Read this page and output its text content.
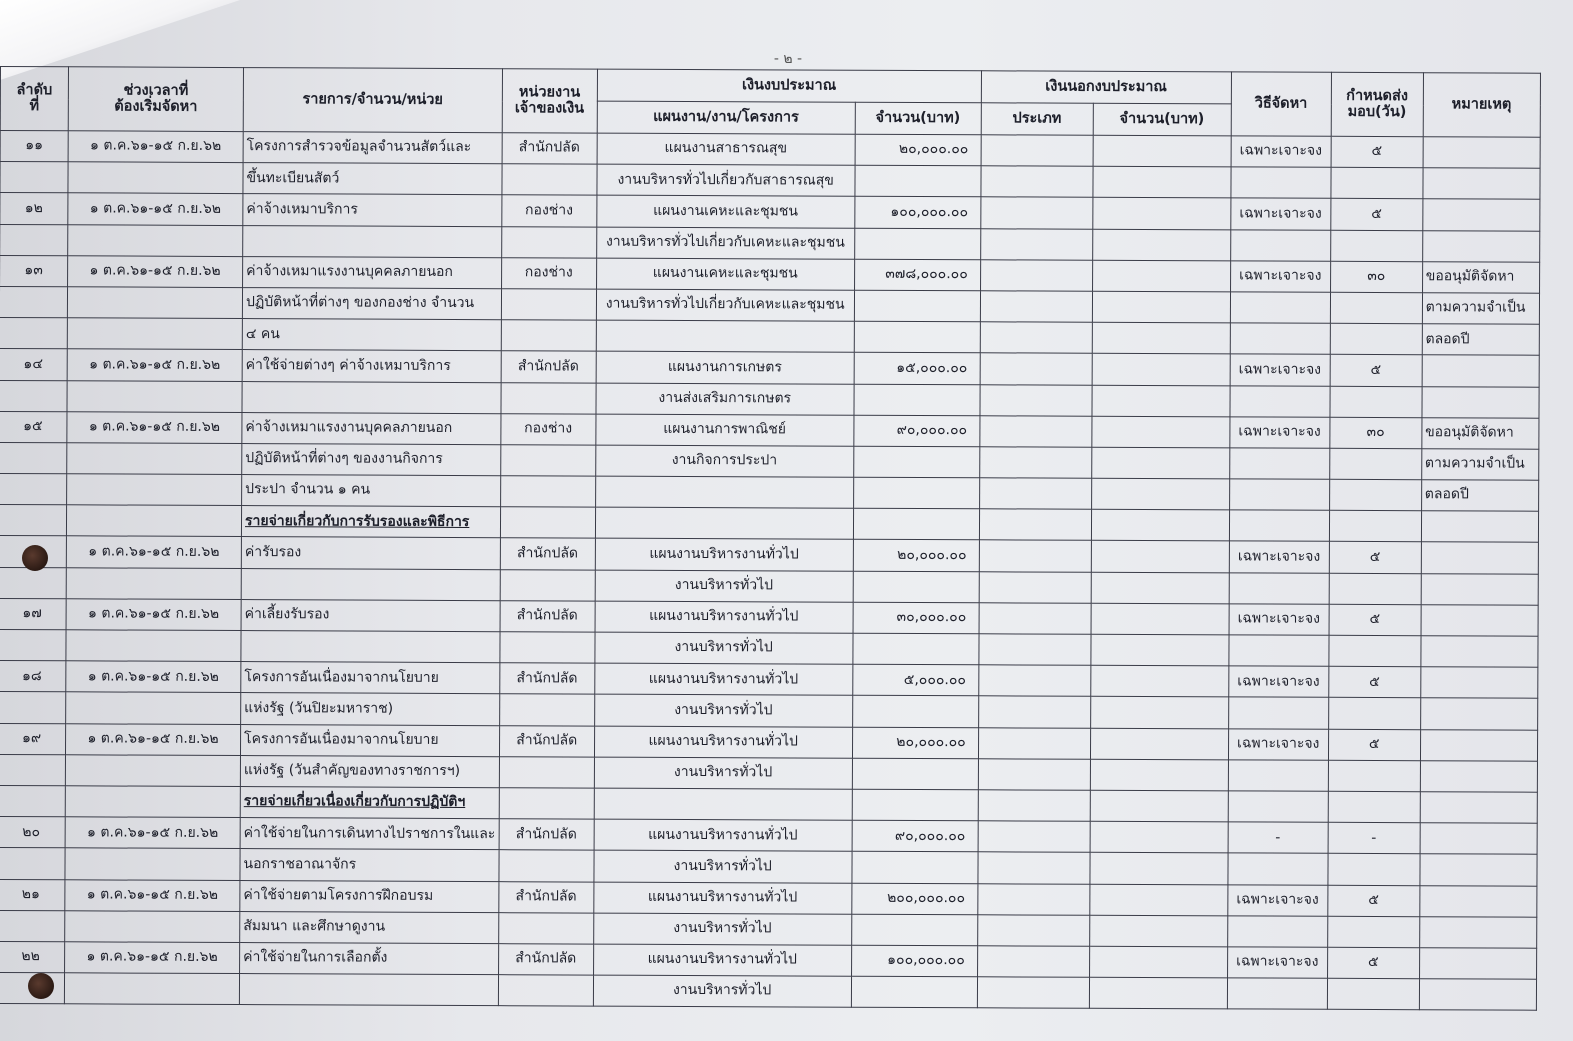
- ๒ -
ลำดับ
ที่	ช่วงเวลาที่
ต้องเริ่มจัดหา	รายการ/จำนวน/หน่วย	หน่วยงาน
เจ้าของเงิน	เงินงบประมาณ		เงินนอกงบประมาณ		วิธีจัดหา	กำหนดส่ง
มอบ(วัน)	หมายเหตุ
				แผนงาน/งาน/โครงการ	จำนวน(บาท)	ประเภท	จำนวน(บาท)			
๑๑	๑ ต.ค.๖๑-๑๕ ก.ย.๖๒	โครงการสำรวจข้อมูลจำนวนสัตว์และ	สำนักปลัด	แผนงานสาธารณสุข	๒๐,๐๐๐.๐๐			เฉพาะเจาะจง	๕	
		ขึ้นทะเบียนสัตว์		งานบริหารทั่วไปเกี่ยวกับสาธารณสุข						
๑๒	๑ ต.ค.๖๑-๑๕ ก.ย.๖๒	ค่าจ้างเหมาบริการ	กองช่าง	แผนงานเคหะและชุมชน	๑๐๐,๐๐๐.๐๐			เฉพาะเจาะจง	๕	
				งานบริหารทั่วไปเกี่ยวกับเคหะและชุมชน						
๑๓	๑ ต.ค.๖๑-๑๕ ก.ย.๖๒	ค่าจ้างเหมาแรงงานบุคคลภายนอก	กองช่าง	แผนงานเคหะและชุมชน	๓๗๘,๐๐๐.๐๐			เฉพาะเจาะจง	๓๐	ขออนุมัติจัดหา
		ปฏิบัติหน้าที่ต่างๆ ของกองช่าง จำนวน		งานบริหารทั่วไปเกี่ยวกับเคหะและชุมชน						ตามความจำเป็น
		๔ คน								ตลอดปี
๑๔	๑ ต.ค.๖๑-๑๕ ก.ย.๖๒	ค่าใช้จ่ายต่างๆ ค่าจ้างเหมาบริการ	สำนักปลัด	แผนงานการเกษตร	๑๕,๐๐๐.๐๐			เฉพาะเจาะจง	๕	
				งานส่งเสริมการเกษตร						
๑๕	๑ ต.ค.๖๑-๑๕ ก.ย.๖๒	ค่าจ้างเหมาแรงงานบุคคลภายนอก	กองช่าง	แผนงานการพาณิชย์	๙๐,๐๐๐.๐๐			เฉพาะเจาะจง	๓๐	ขออนุมัติจัดหา
		ปฏิบัติหน้าที่ต่างๆ ของงานกิจการ		งานกิจการประปา						ตามความจำเป็น
		ประปา จำนวน ๑ คน								ตลอดปี
		รายจ่ายเกี่ยวกับการรับรองและพิธีการ								
	๑ ต.ค.๖๑-๑๕ ก.ย.๖๒	ค่ารับรอง	สำนักปลัด	แผนงานบริหารงานทั่วไป	๒๐,๐๐๐.๐๐			เฉพาะเจาะจง	๕	
				งานบริหารทั่วไป						
๑๗	๑ ต.ค.๖๑-๑๕ ก.ย.๖๒	ค่าเลี้ยงรับรอง	สำนักปลัด	แผนงานบริหารงานทั่วไป	๓๐,๐๐๐.๐๐			เฉพาะเจาะจง	๕	
				งานบริหารทั่วไป						
๑๘	๑ ต.ค.๖๑-๑๕ ก.ย.๖๒	โครงการอันเนื่องมาจากนโยบาย	สำนักปลัด	แผนงานบริหารงานทั่วไป	๕,๐๐๐.๐๐			เฉพาะเจาะจง	๕	
		แห่งรัฐ (วันปิยะมหาราช)		งานบริหารทั่วไป						
๑๙	๑ ต.ค.๖๑-๑๕ ก.ย.๖๒	โครงการอันเนื่องมาจากนโยบาย	สำนักปลัด	แผนงานบริหารงานทั่วไป	๒๐,๐๐๐.๐๐			เฉพาะเจาะจง	๕	
		แห่งรัฐ (วันสำคัญของทางราชการฯ)		งานบริหารทั่วไป						
		รายจ่ายเกี่ยวเนื่องเกี่ยวกับการปฏิบัติฯ								
๒๐	๑ ต.ค.๖๑-๑๕ ก.ย.๖๒	ค่าใช้จ่ายในการเดินทางไปราชการในและ	สำนักปลัด	แผนงานบริหารงานทั่วไป	๙๐,๐๐๐.๐๐			-	-	
		นอกราชอาณาจักร		งานบริหารทั่วไป						
๒๑	๑ ต.ค.๖๑-๑๕ ก.ย.๖๒	ค่าใช้จ่ายตามโครงการฝึกอบรม	สำนักปลัด	แผนงานบริหารงานทั่วไป	๒๐๐,๐๐๐.๐๐			เฉพาะเจาะจง	๕	
		สัมมนา และศึกษาดูงาน		งานบริหารทั่วไป						
๒๒	๑ ต.ค.๖๑-๑๕ ก.ย.๖๒	ค่าใช้จ่ายในการเลือกตั้ง	สำนักปลัด	แผนงานบริหารงานทั่วไป	๑๐๐,๐๐๐.๐๐			เฉพาะเจาะจง	๕	
				งานบริหารทั่วไป						
